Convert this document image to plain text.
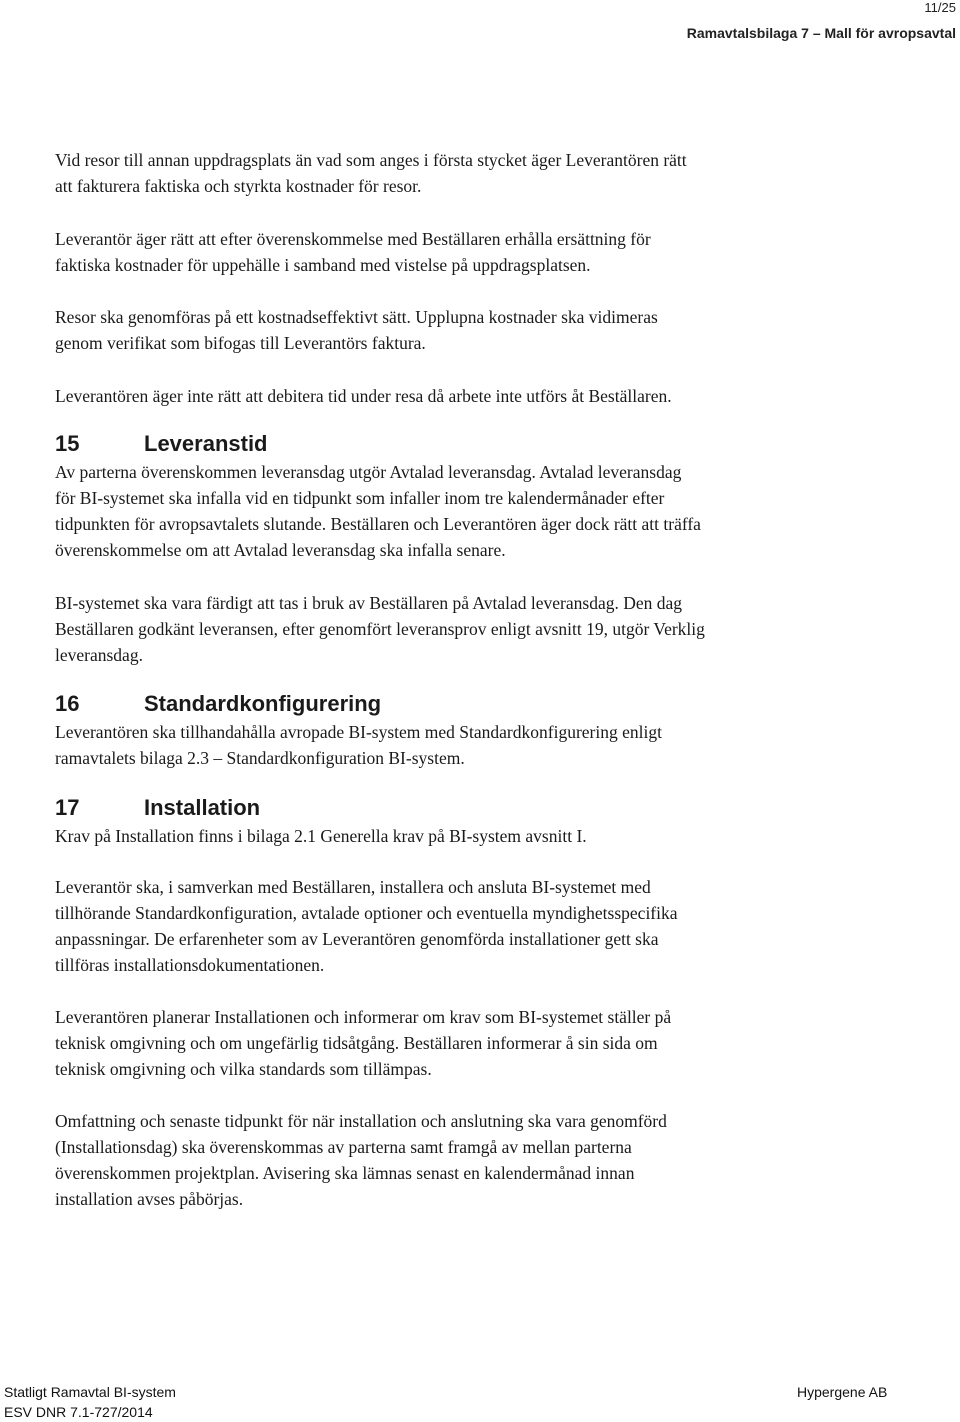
11/25
Ramavtalsbilaga 7 – Mall för avropsavtal

Vid resor till annan uppdragsplats än vad som anges i första stycket äger Leverantören rätt
att fakturera faktiska och styrkta kostnader för resor.

Leverantör äger rätt att efter överenskommelse med Beställaren erhålla ersättning för
faktiska kostnader för uppehälle i samband med vistelse på uppdragsplatsen.

Resor ska genomföras på ett kostnadseffektivt sätt. Upplupna kostnader ska vidimeras
genom verifikat som bifogas till Leverantörs faktura.

Leverantören äger inte rätt att debitera tid under resa då arbete inte utförs åt Beställaren.

15	Leveranstid

Av parterna överenskommen leveransdag utgör Avtalad leveransdag. Avtalad leveransdag
för BI-systemet ska infalla vid en tidpunkt som infaller inom tre kalendermånader efter
tidpunkten för avropsavtalets slutande. Beställaren och Leverantören äger dock rätt att träffa
överenskommelse om att Avtalad leveransdag ska infalla senare.

BI-systemet ska vara färdigt att tas i bruk av Beställaren på Avtalad leveransdag. Den dag
Beställaren godkänt leveransen, efter genomfört leveransprov enligt avsnitt 19, utgör Verklig
leveransdag.

16	Standardkonfigurering

Leverantören ska tillhandahålla avropade BI-system med Standardkonfigurering enligt
ramavtalets bilaga 2.3 – Standardkonfiguration BI-system.

17	Installation

Krav på Installation finns i bilaga 2.1 Generella krav på BI-system avsnitt I.

Leverantör ska, i samverkan med Beställaren, installera och ansluta BI-systemet med
tillhörande Standardkonfiguration, avtalade optioner och eventuella myndighetsspecifika
anpassningar. De erfarenheter som av Leverantören genomförda installationer gett ska
tillföras installationsdokumentationen.

Leverantören planerar Installationen och informerar om krav som BI-systemet ställer på
teknisk omgivning och om ungefärlig tidsåtgång. Beställaren informerar å sin sida om
teknisk omgivning och vilka standards som tillämpas.

Omfattning och senaste tidpunkt för när installation och anslutning ska vara genomförd
(Installationsdag) ska överenskommas av parterna samt framgå av mellan parterna
överenskommen projektplan. Avisering ska lämnas senast en kalendermånad innan
installation avses påbörjas.

Statligt Ramavtal BI-system
ESV DNR 7.1-727/2014
Hypergene AB
